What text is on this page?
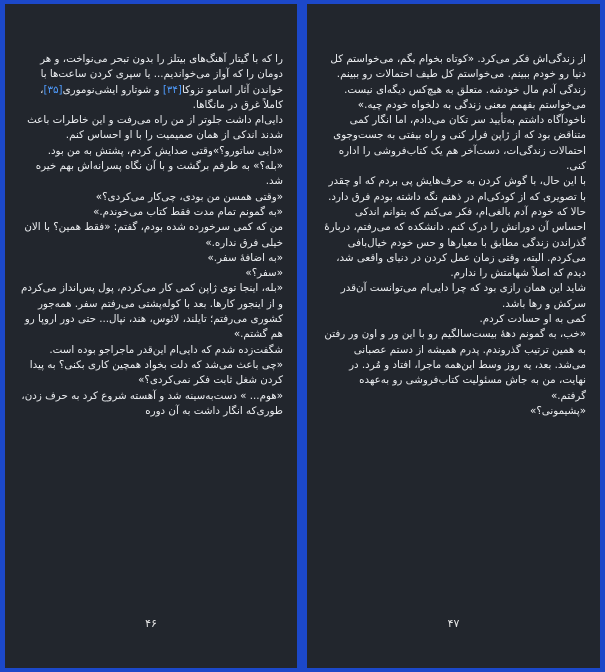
را که با گیتار آهنگ‌های بیتلز را بدون تبحر می‌نواخت، و هر دومان را که آواز می‌خواندیم... یا سپری کردن ساعت‌ها با خواندن آثار اسامو تزوکا[۳۴] و شوتارو ایشی‌نوموری[۳۵]، کاملاً غرق در مانگاها.

دایی‌ام داشت جلوتر از من راه می‌رفت و این خاطرات باعث شدند اندکی از همان صمیمیت را با او احساس کنم.

«دایی ساتورو؟»وقتی صدایش کردم، پشتش به من بود.

«بله؟» به طرفم برگشت و با آن نگاه پسرانه‌اش بهم خیره شد.

«وقتی همسن من بودی، چی‌کار می‌کردی؟»

«به گمونم تمام مدت فقط کتاب می‌خوندم.»

من که کمی سرخورده شده بودم، گفتم: «فقط همین؟ با الان خیلی فرق نداره.»

«به اضافهٔ سفر.»

«سفر؟»

«بله، اینجا توی ژاپن کمی کار می‌کردم، پول پس‌انداز می‌کردم و از اینجور کارها. بعد با کوله‌پشتی می‌رفتم سفر. همه‌جور کشوری می‌رفتم؛ تایلند، لائوس، هند، نپال... حتی دور اروپا رو هم گشتم.»

شگفت‌زده شدم که دایی‌ام این‌قدر ماجراجو بوده است.

«چی باعث می‌شد که دلت بخواد همچین کاری بکنی؟ به پیدا کردن شغل ثابت فکر نمی‌کردی؟»

«هوم... » دست‌به‌سینه شد و آهسته شروع کرد به حرف زدن، طوری‌که انگار داشت به آن دوره

۴۶

از زندگی‌اش فکر می‌کرد. «کوتاه بخوام بگم، می‌خواستم کل دنیا رو خودم ببینم. می‌خواستم کل طیف احتمالات رو ببینم. زندگی آدم مال خودشه. متعلق به هیچ‌کس دیگه‌ای نیست. می‌خواستم بفهمم معنی زندگی به دلخواه خودم چیه.»

ناخودآگاه داشتم به‌تأیید سر تکان می‌دادم، اما انگار کمی متناقض بود که از ژاپن فرار کنی و راه بیفتی به جست‌وجوی احتمالات زندگی‌ات، دست‌آخر هم یک کتاب‌فروشی را اداره کنی.

با این حال، با گوش کردن به حرف‌هایش پی بردم که او چقدر با تصویری که از کودکی‌ام در ذهنم نگه داشته بودم فرق دارد. حالا که خودم آدم بالغی‌ام، فکر می‌کنم که بتوانم اندکی احساس آن دورانش را درک کنم. دانشکده که می‌رفتم، دربارهٔ گذراندن زندگی مطابق با معیارها و حس خودم خیال‌بافی می‌کردم. البته، وقتی زمان عمل کردن در دنیای واقعی شد، دیدم که اصلاً شهامتش را ندارم.

شاید این همان رازی بود که چرا دایی‌ام می‌توانست آن‌قدر سرکش و رها باشد.

کمی به او حسادت کردم.

«خب، به گمونم دههٔ بیست‌سالگیم رو با این ور و اون ور رفتن به همین ترتیب گذروندم. پدرم همیشه از دستم عصبانی می‌شد. بعد، یه روز وسط این‌همه ماجرا، افتاد و مُرد. در نهایت، من به جاش مسئولیت کتاب‌فروشی رو به‌عهده گرفتم.»

«پشیمونی؟»

۴۷
